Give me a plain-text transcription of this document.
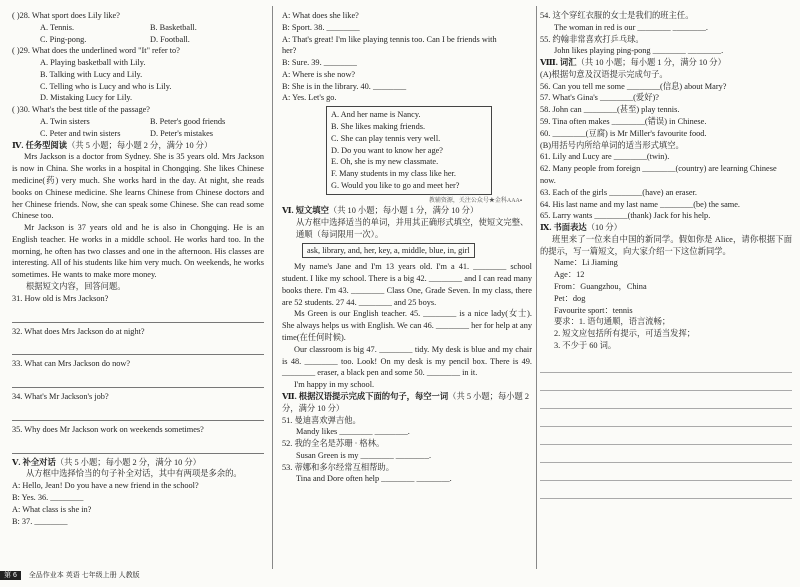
( )28. What sport does Lily like?
A. Tennis.	B. Basketball.
C. Ping-pong.	D. Football.
( )29. What does the underlined word "It" refer to?
A. Playing basketball with Lily.
B. Talking with Lucy and Lily.
C. Telling who is Lucy and who is Lily.
D. Mistaking Lucy for Lily.
( )30. What's the best title of the passage?
A. Twin sisters	B. Peter's good friends
C. Peter and twin sisters	D. Peter's mistakes
Ⅳ. 任务型阅读（共 5 小题；每小题 2 分，满分 10 分）
Mrs Jackson is a doctor from Sydney. She is 35 years old. Mrs Jackson is now in China. She works in a hospital in Chongqing. She likes Chinese medicine(药) very much. She works hard in the day. At night, she reads books on Chinese medicine. She learns Chinese from Chinese doctors and her Chinese friends. Now, she can speak some Chinese. She can read some Chinese too.
Mr Jackson is 37 years old and he is also in Chongqing. He is an English teacher. He works in a middle school. He works hard too. In the morning, he often has two classes and one in the afternoon. His classes are interesting. All of his students like him very much. On weekends, he works sometimes. He wants to make more money.
根据短文内容，回答问题。
31. How old is Mrs Jackson?
32. What does Mrs Jackson do at night?
33. What can Mrs Jackson do now?
34. What's Mr Jackson's job?
35. Why does Mr Jackson work on weekends sometimes?
Ⅴ. 补全对话（共 5 小题；每小题 2 分，满分 10 分）
从方框中选择恰当的句子补全对话，其中有两项是多余的。
A: Hello, Jean! Do you have a new friend in the school?
B: Yes. 36. ________
A: What class is she in?
B: 37. ________
A: What does she like?
B: Sport. 38. ________
A: That's great! I'm like playing tennis too. Can I be friends with
her?
B: Sure. 39. ________
A: Where is she now?
B: She is in the library. 40. ________
A: Yes. Let's go.
A. And her name is Nancy.
B. She likes making friends.
C. She can play tennis very well.
D. Do you want to know her age?
E. Oh, she is my new classmate.
F. Many students in my class like her.
G. Would you like to go and meet her?
教辅资源，关注公众号★金科AAA▪
Ⅵ. 短文填空（共 10 小题；每小题 1 分，满分 10 分）
从方框中选择适当的单词，并用其正确形式填空，使短文完整、通顺（每词限用一次）。
ask, library, and, her, key, a, middle, blue, in, girl
My name's Jane and I'm 13 years old. I'm a 41. ________ school student. I like my school. There is a big 42. ________ and I can read many books there. I'm 43. ________ Class One, Grade Seven. In my class, there are 52 students. 27 44. ________ and 25 boys.
Ms Green is our English teacher. 45. ________ is a nice lady(女士). She always helps us with English. We can 46. ________ her for help at any time(在任何时候).
Our classroom is big 47. ________ tidy. My desk is blue and my chair is 48. ________ too. Look! On my desk is my pencil box. There is 49. ________ eraser, a black pen and some 50. ________ in it.
I'm happy in my school.
Ⅶ. 根据汉语提示完成下面的句子，每空一词（共 5 小题；每小题 2 分，满分 10 分）
51. 曼迪喜欢弹吉他。
Mandy likes ________ ________.
52. 我的全名是苏珊 · 格林。
Susan Green is my ________ ________.
53. 蒂娜和多尔经常互相帮助。
Tina and Dore often help ________ ________.
54. 这个穿红衣服的女士是我们的班主任。
The woman in red is our ________ ________.
55. 约翰非常喜欢打乒乓球。
John likes playing ping-pong ________ ________.
Ⅷ. 词汇（共 10 小题；每小题 1 分，满分 10 分）
(A)根据句意及汉语提示完成句子。
56. Can you tell me some ________(信息) about Mary?
57. What's Gina's ________(爱好)?
58. John can ________(甚至) play tennis.
59. Tina often makes ________(错误) in Chinese.
60. ________(豆腐) is Mr Miller's favourite food.
(B)用括号内所给单词的适当形式填空。
61. Lily and Lucy are ________(twin).
62. Many people from foreign ________(country) are learning Chinese now.
63. Each of the girls ________(have) an eraser.
64. His last name and my last name ________(be) the same.
65. Larry wants ________(thank) Jack for his help.
Ⅸ. 书面表达（10 分）
班里来了一位来自中国的新同学。假如你是 Alice，请你根据下面的提示，写一篇短文，向大家介绍一下这位新同学。
Name：Li Jiaming
Age：12
From：Guangzhou，China
Pet：dog
Favourite sport：tennis
要求：1. 语句通顺，语言流畅；
2. 短文应包括所有提示，可适当发挥；
3. 不少于 60 词。
第 6 全品作业本 英语 七年级上册 人教版
